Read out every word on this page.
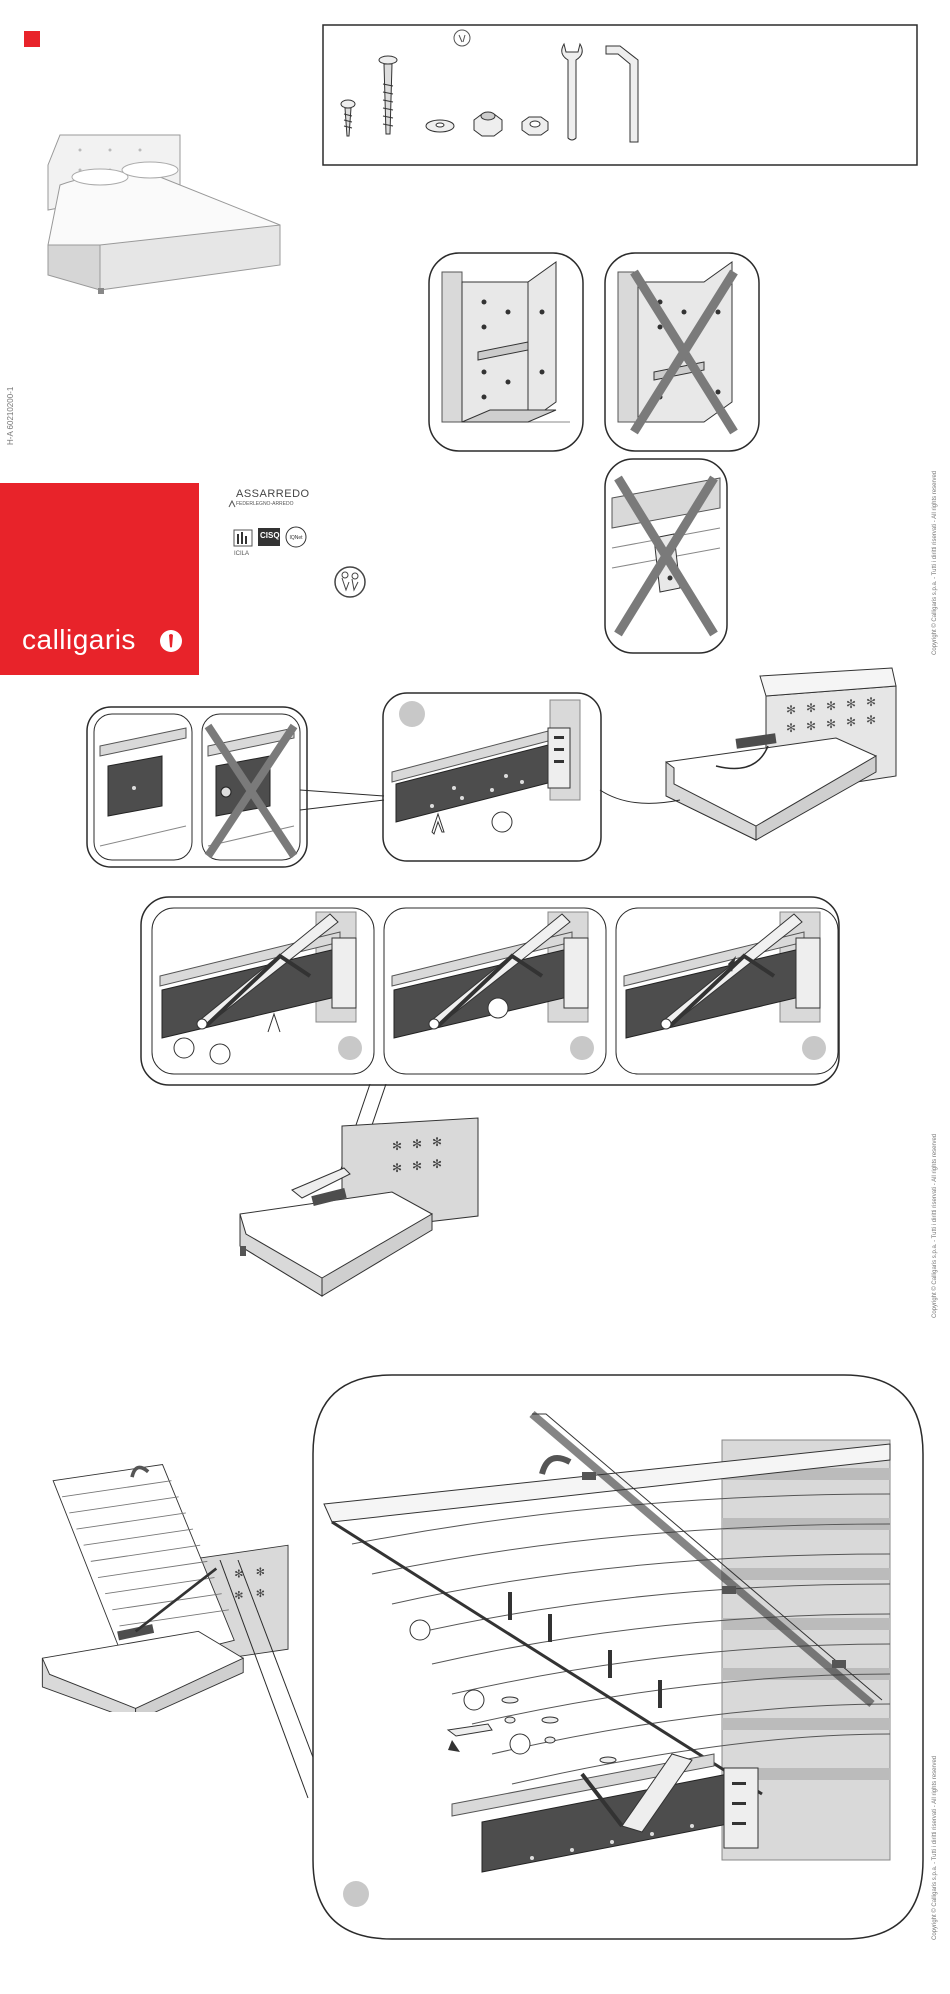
H-A 60210200-1
calligaris
ASSARREDO
FEDERLEGNO-ARREDO
IQNet
CISQ
ICILA	Copyright © Calligaris s.p.a. - Tutti i diritti riservati - All rights reserved
Copyright © Calligaris s.p.a. - Tutti i diritti riservati - All rights reserved
Copyright © Calligaris s.p.a. - Tutti i diritti riservati - All rights reserved
✻ ✻ ✻ ✻ ✻
✻ ✻ ✻ ✻ ✻
✻ ✻ ✻
✻ ✻ ✻
✻ ✻
✻ ✻
